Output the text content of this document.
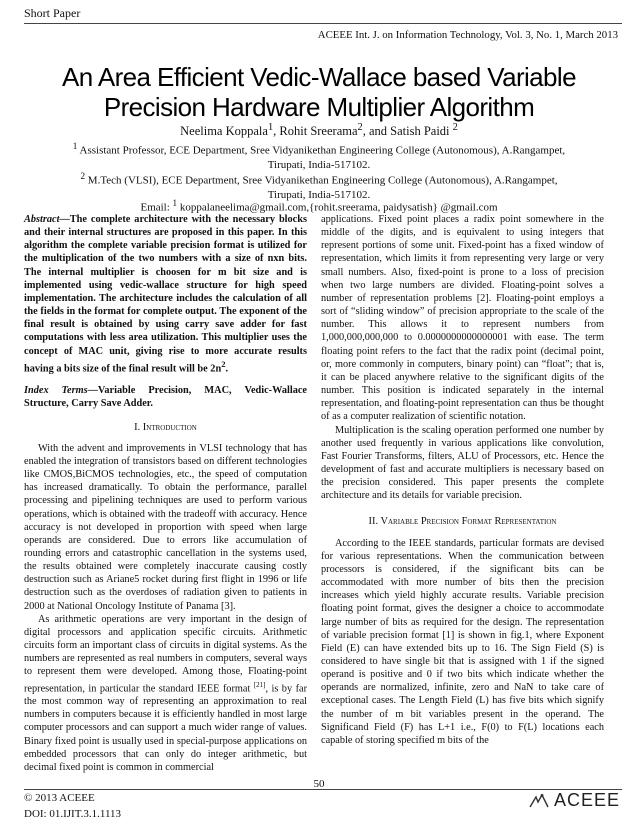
Short Paper
ACEEE Int. J. on Information Technology, Vol. 3, No. 1, March 2013
An Area Efficient Vedic-Wallace based Variable
Precision Hardware Multiplier Algorithm
Neelima Koppala$^1$, Rohit Sreerama$^2$, and Satish Paidi $^2$
$^1$ Assistant Professor, ECE Department, Sree Vidyanikethan Engineering College (Autonomous), A.Rangampet,
Tirupati, India-517102.
$^2$ M.Tech (VLSI), ECE Department, Sree Vidyanikethan Engineering College (Autonomous), A.Rangampet,
Tirupati, India-517102.
Email: $^1$ koppalaneelima@gmail.com,{rohit.sreerama, paidysatish} @gmail.com

Abstract—The complete architecture with the necessary blocks and their internal structures are proposed in this paper. In this algorithm the complete variable precision format is utilized for the multiplication of the two numbers with a size of nxn bits. The internal multiplier is choosen for m bit size and is implemented using vedic-wallace structure for high speed implementation. The architecture includes the calculation of all the fields in the format for complete output. The exponent of the final result is obtained by using carry save adder for fast computations with less area utilization. This multiplier uses the concept of MAC unit, giving rise to more accurate results having a bits size of the final result will be $2n^2$.

Index Terms—Variable Precision, MAC, Vedic-Wallace Structure, Carry Save Adder.

I. Introduction

With the advent and improvements in VLSI technology that has enabled the integration of transistors based on different technologies like CMOS,BiCMOS technologies, etc., the speed of computation has increased dramatically. To obtain the performance, parallel processing and pipelining techniques are used to perform various operations, which is obtained with the tradeoff with accuracy. Hence accuracy is not developed in proportion with speed when large operands are considered. Due to errors like accumulation of rounding errors and catastrophic cancellation in the systems used, the results obtained were completely inaccurate causing costly destruction such as Ariane5 rocket during first flight in 1996 or life destruction such as the overdoses of radiation given to patients in 2000 at National Oncology Institute of Panama [3].

As arithmetic operations are very important in the design of digital processors and application specific circuits. Arithmetic circuits form an important class of circuits in digital systems. As the numbers are represented as real numbers in computers, several ways to represent them were developed. Among those, Floating-point representation, in particular the standard IEEE format [21], is by far the most common way of representing an approximation to real numbers in computers because it is efficiently handled in most large computer processors and can support a much wider range of values. Binary fixed point is usually used in special-purpose applications on embedded processors that can only do integer arithmetic, but decimal fixed point is common in commercial

applications. Fixed point places a radix point somewhere in the middle of the digits, and is equivalent to using integers that represent portions of some unit. Fixed-point has a fixed window of representation, which limits it from representing very large or very small numbers. Also, fixed-point is prone to a loss of precision when two large numbers are divided. Floating-point solves a number of representation problems [2]. Floating-point employs a sort of “sliding window” of precision appropriate to the scale of the number. This allows it to represent numbers from 1,000,000,000,000 to 0.0000000000000001 with ease. The term floating point refers to the fact that the radix point (decimal point, or, more commonly in computers, binary point) can “float”; that is, it can be placed anywhere relative to the significant digits of the number. This position is indicated separately in the internal representation, and floating-point representation can thus be thought of as a computer realization of scientific notation.

Multiplication is the scaling operation performed one number by another used frequently in various applications like convolution, Fast Fourier Transforms, filters, ALU of Processors, etc. Hence the development of fast and accurate multipliers is necessary based on the precision considered. This paper presents the complete architecture and its details for variable precision.

II. Variable Precision Format Representation

According to the IEEE standards, particular formats are devised for various representations. When the communication between processors is considered, if the significant bits can be accommodated with more number of bits then the precision increases which yield highly accurate results. Variable precision floating point format, gives the designer a choice to accommodate large number of bits as required for the design. The representation of variable precision format [1] is shown in fig.1, where Exponent Field (E) can have extended bits up to 16. The Sign Field (S) is considered to have single bit that is assigned with 1 if the signed operand is positive and 0 if two bits which indicate whether the operands are normalized, infinite, zero and NaN to take care of exceptional cases. The Length Field (L) has five bits which signify the number of m bit variables present in the operand. The Significand Field (F) has L+1 i.e., F(0) to F(L) locations each capable of storing specified m bits of the

50
© 2013 ACEEE
DOI: 01.IJIT.3.1.1113
ACEEE
